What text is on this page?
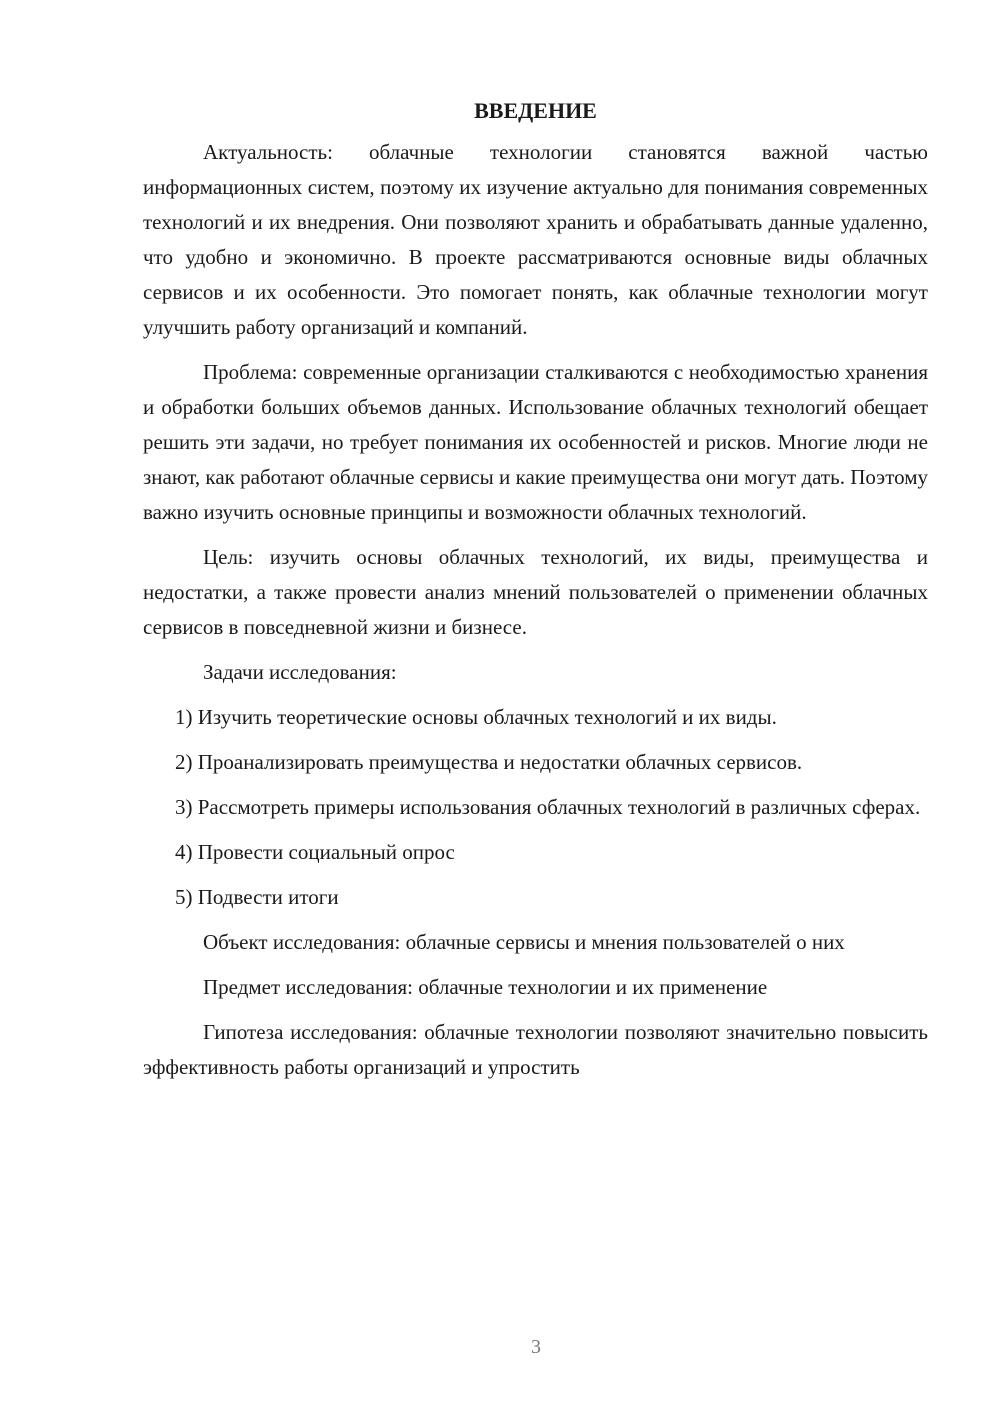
ВВЕДЕНИЕ

Актуальность: облачные технологии становятся важной частью информационных систем, поэтому их изучение актуально для понимания современных технологий и их внедрения. Они позволяют хранить и обрабатывать данные удаленно, что удобно и экономично. В проекте рассматриваются основные виды облачных сервисов и их особенности. Это помогает понять, как облачные технологии могут улучшить работу организаций и компаний.

Проблема: современные организации сталкиваются с необходимостью хранения и обработки больших объемов данных. Использование облачных технологий обещает решить эти задачи, но требует понимания их особенностей и рисков. Многие люди не знают, как работают облачные сервисы и какие преимущества они могут дать. Поэтому важно изучить основные принципы и возможности облачных технологий.

Цель: изучить основы облачных технологий, их виды, преимущества и недостатки, а также провести анализ мнений пользователей о применении облачных сервисов в повседневной жизни и бизнесе.

Задачи исследования:

1) Изучить теоретические основы облачных технологий и их виды.

2) Проанализировать преимущества и недостатки облачных сервисов.

3) Рассмотреть примеры использования облачных технологий в различных сферах.

4) Провести социальный опрос

5) Подвести итоги

Объект исследования: облачные сервисы и мнения пользователей о них

Предмет исследования: облачные технологии и их применение

Гипотеза исследования: облачные технологии позволяют значительно повысить эффективность работы организаций и упростить

3
